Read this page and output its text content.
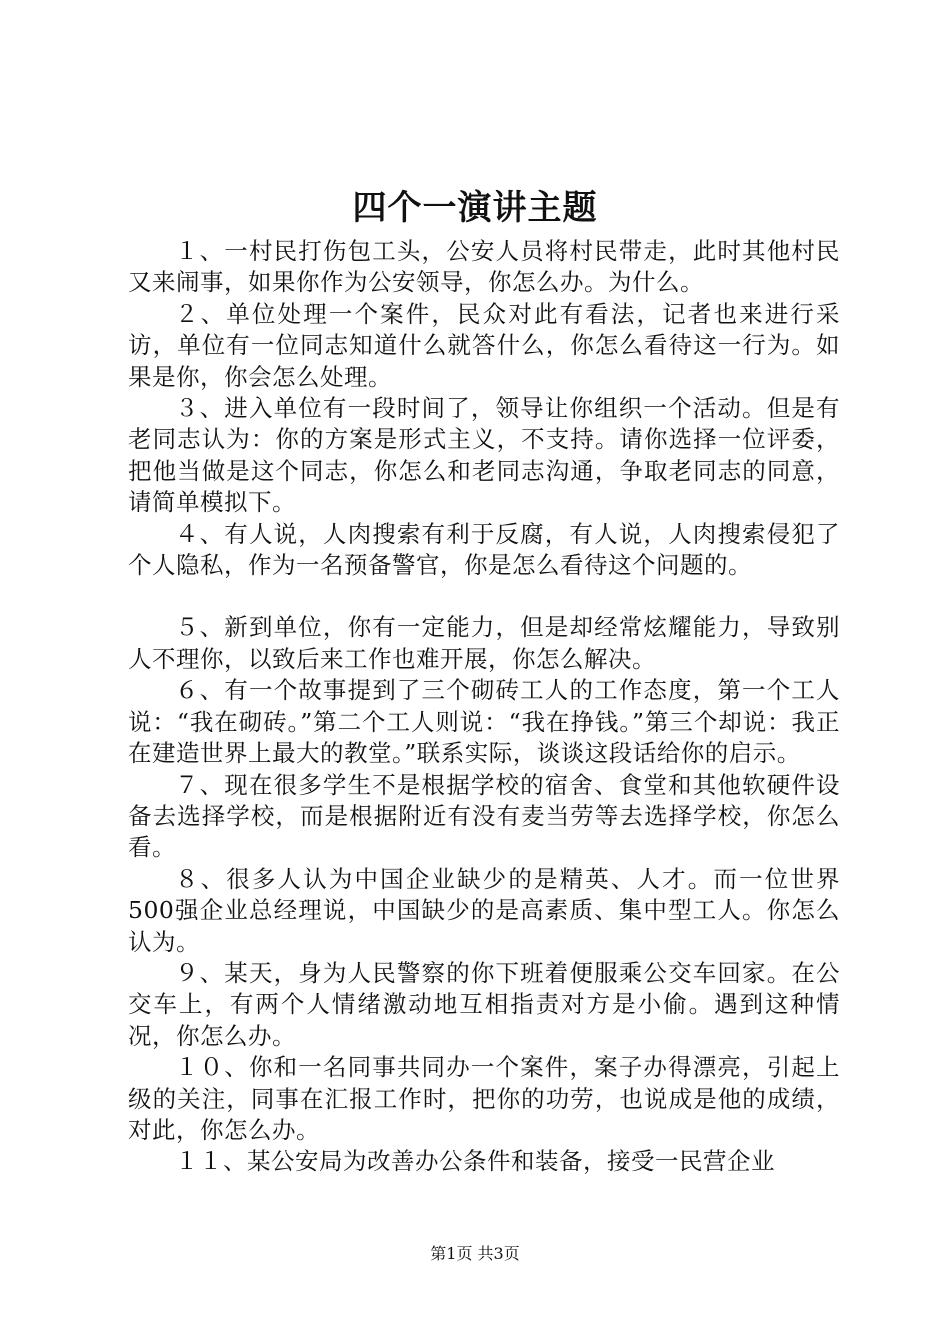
四个一演讲主题

１、一村民打伤包工头，公安人员将村民带走，此时其他村民又来闹事，如果你作为公安领导，你怎么办。为什么。

２、单位处理一个案件，民众对此有看法，记者也来进行采访，单位有一位同志知道什么就答什么，你怎么看待这一行为。如果是你，你会怎么处理。

３、进入单位有一段时间了，领导让你组织一个活动。但是有老同志认为：你的方案是形式主义，不支持。请你选择一位评委，把他当做是这个同志，你怎么和老同志沟通，争取老同志的同意，请简单模拟下。

４、有人说，人肉搜索有利于反腐，有人说，人肉搜索侵犯了个人隐私，作为一名预备警官，你是怎么看待这个问题的。

５、新到单位，你有一定能力，但是却经常炫耀能力，导致别人不理你，以致后来工作也难开展，你怎么解决。

６、有一个故事提到了三个砌砖工人的工作态度，第一个工人说：“我在砌砖。”第二个工人则说：“我在挣钱。”第三个却说：我正在建造世界上最大的教堂。”联系实际，谈谈这段话给你的启示。

７、现在很多学生不是根据学校的宿舍、食堂和其他软硬件设备去选择学校，而是根据附近有没有麦当劳等去选择学校，你怎么看。

８、很多人认为中国企业缺少的是精英、人才。而一位世界500强企业总经理说，中国缺少的是高素质、集中型工人。你怎么认为。

９、某天，身为人民警察的你下班着便服乘公交车回家。在公交车上，有两个人情绪激动地互相指责对方是小偷。遇到这种情况，你怎么办。

１０、你和一名同事共同办一个案件，案子办得漂亮，引起上级的关注，同事在汇报工作时，把你的功劳，也说成是他的成绩，对此，你怎么办。

１１、某公安局为改善办公条件和装备，接受一民营企业

第1页 共3页
